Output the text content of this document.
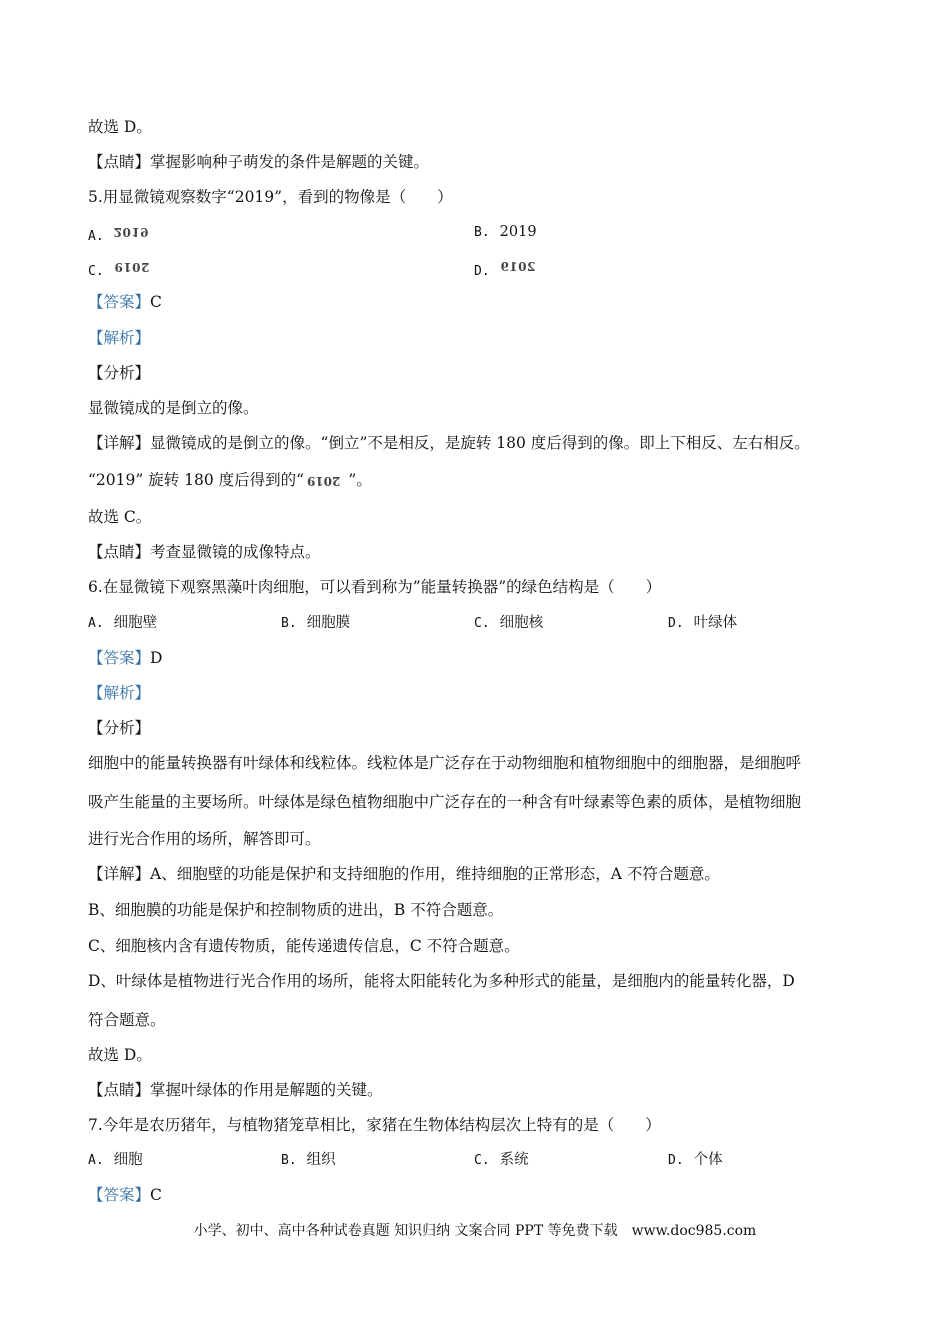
故选 D。
【点睛】掌握影响种子萌发的条件是解题的关键。
5.用显微镜观察数字“2019”，看到的物像是（　　）
A. 2019	B. 2019
C. 2019	D. 2019
【答案】C
【解析】
【分析】
显微镜成的是倒立的像。
【详解】显微镜成的是倒立的像。“倒立”不是相反，是旋转 180 度后得到的像。即上下相反、左右相反。
“2019” 旋转 180 度后得到的“ 2019 ”。
故选 C。
【点睛】考查显微镜的成像特点。
6.在显微镜下观察黑藻叶肉细胞，可以看到称为”能量转换器”的绿色结构是（　　）
A. 细胞壁	B. 细胞膜	C. 细胞核	D. 叶绿体
【答案】D
【解析】
【分析】
细胞中的能量转换器有叶绿体和线粒体。线粒体是广泛存在于动物细胞和植物细胞中的细胞器，是细胞呼
吸产生能量的主要场所。叶绿体是绿色植物细胞中广泛存在的一种含有叶绿素等色素的质体，是植物细胞
进行光合作用的场所，解答即可。
【详解】A、细胞壁的功能是保护和支持细胞的作用，维持细胞的正常形态，A 不符合题意。
B、细胞膜的功能是保护和控制物质的进出，B 不符合题意。
C、细胞核内含有遗传物质，能传递遗传信息，C 不符合题意。
D、叶绿体是植物进行光合作用的场所，能将太阳能转化为多种形式的能量，是细胞内的能量转化器，D
符合题意。
故选 D。
【点睛】掌握叶绿体的作用是解题的关键。
7.今年是农历猪年，与植物猪笼草相比，家猪在生物体结构层次上特有的是（　　）
A. 细胞	B. 组织	C. 系统	D. 个体
【答案】C
小学、初中、高中各种试卷真题 知识归纳 文案合同 PPT 等免费下载　www.doc985.com
